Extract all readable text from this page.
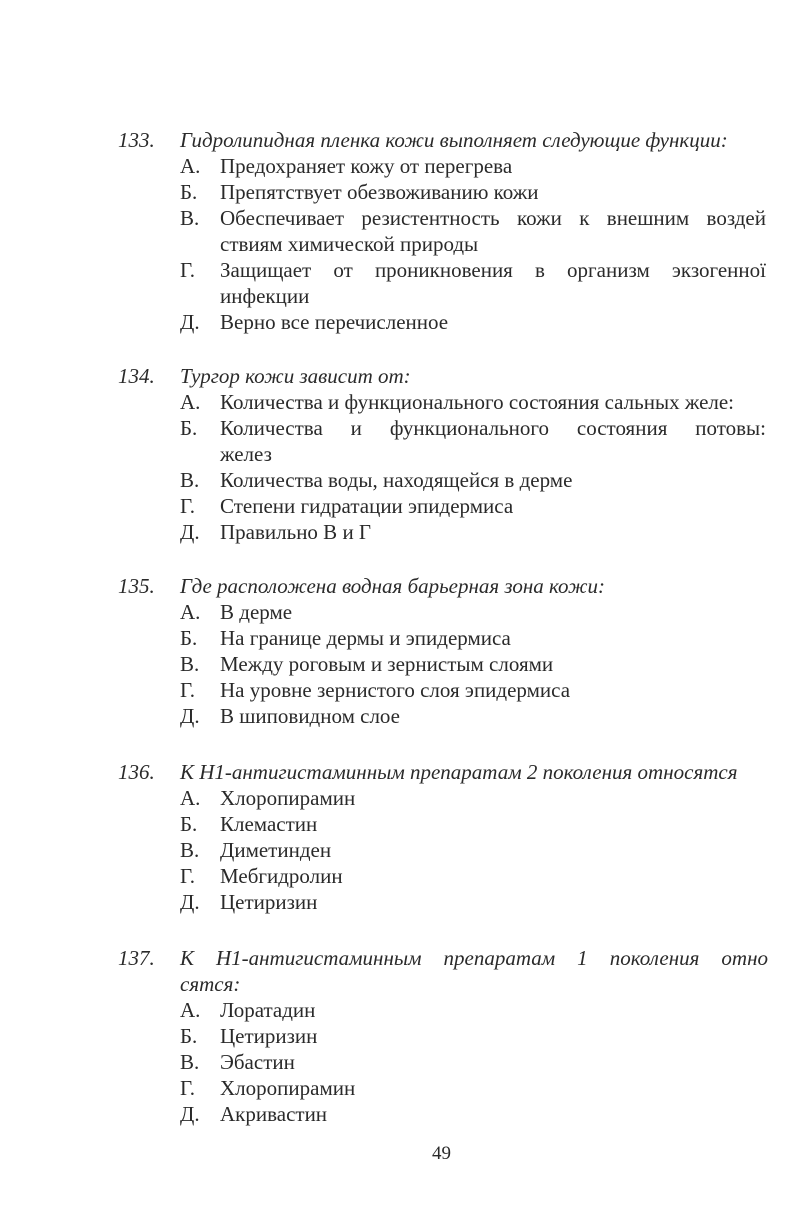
133. Гидролипидная пленка кожи выполняет следующие функции:
А. Предохраняет кожу от перегрева
Б. Препятствует обезвоживанию кожи
В. Обеспечивает резистентность кожи к внешним воздей
ствиям химической природы
Г. Защищает от проникновения в организм экзогенної
инфекции
Д. Верно все перечисленное
134. Тургор кожи зависит от:
А. Количества и функционального состояния сальных желе:
Б. Количества и функционального состояния потовы:
желез
В. Количества воды, находящейся в дерме
Г. Степени гидратации эпидермиса
Д. Правильно В и Г
135. Где расположена водная барьерная зона кожи:
А. В дерме
Б. На границе дермы и эпидермиса
В. Между роговым и зернистым слоями
Г. На уровне зернистого слоя эпидермиса
Д. В шиповидном слое
136. К Н1-антигистаминным препаратам 2 поколения относятся
А. Хлоропирамин
Б. Клемастин
В. Диметинден
Г. Мебгидролин
Д. Цетиризин
137. К Н1-антигистаминным препаратам 1 поколения отно
сятся:
А. Лоратадин
Б. Цетиризин
В. Эбастин
Г. Хлоропирамин
Д. Акривастин
49
